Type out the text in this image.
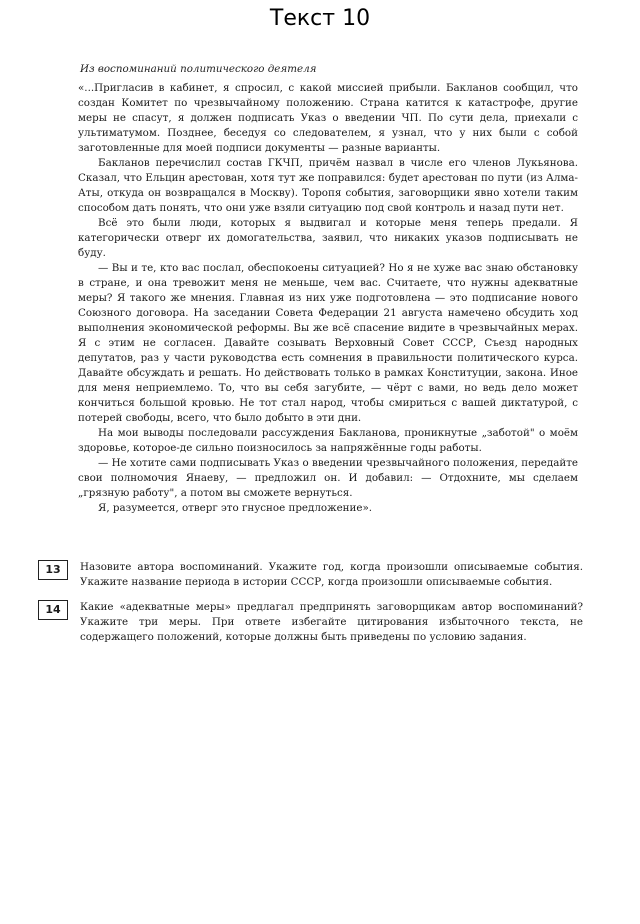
Текст 10
Из воспоминаний политического деятеля

«...Пригласив в кабинет, я спросил, с какой миссией прибыли. Бакланов сообщил, что создан Комитет по чрезвычайному положению. Страна катится к катастрофе, другие меры не спасут, я должен подписать Указ о введении ЧП. По сути дела, приехали с ультиматумом. Позднее, беседуя со следователем, я узнал, что у них были с собой заготовленные для моей подписи документы — разные варианты.

Бакланов перечислил состав ГКЧП, причём назвал в числе его членов Лукьянова. Сказал, что Ельцин арестован, хотя тут же поправился: будет арестован по пути (из Алма-Аты, откуда он возвращался в Москву). Торопя события, заговорщики явно хотели таким способом дать понять, что они уже взяли ситуацию под свой контроль и назад пути нет.

Всё это были люди, которых я выдвигал и которые меня теперь предали. Я категорически отверг их домогательства, заявил, что никаких указов подписывать не буду.

— Вы и те, кто вас послал, обеспокоены ситуацией? Но я не хуже вас знаю обстановку в стране, и она тревожит меня не меньше, чем вас. Считаете, что нужны адекватные меры? Я такого же мнения. Главная из них уже подготовлена — это подписание нового Союзного договора. На заседании Совета Федерации 21 августа намечено обсудить ход выполнения экономической реформы. Вы же всё спасение видите в чрезвычайных мерах. Я с этим не согласен. Давайте созывать Верховный Совет СССР, Съезд народных депутатов, раз у части руководства есть сомнения в правильности политического курса. Давайте обсуждать и решать. Но действовать только в рамках Конституции, закона. Иное для меня неприемлемо. То, что вы себя загубите, — чёрт с вами, но ведь дело может кончиться большой кровью. Не тот стал народ, чтобы смириться с вашей диктатурой, с потерей свободы, всего, что было добыто в эти дни.

На мои выводы последовали рассуждения Бакланова, проникнутые „заботой" о моём здоровье, которое-де сильно поизносилось за напряжённые годы работы.

— Не хотите сами подписывать Указ о введении чрезвычайного положения, передайте свои полномочия Янаеву, — предложил он. И добавил: — Отдохните, мы сделаем „грязную работу", а потом вы сможете вернуться.

Я, разумеется, отверг это гнусное предложение».

13	Назовите автора воспоминаний. Укажите год, когда произошли описываемые события. Укажите название периода в истории СССР, когда произошли описываемые события.
14	Какие «адекватные меры» предлагал предпринять заговорщикам автор воспоминаний? Укажите три меры. При ответе избегайте цитирования избыточного текста, не содержащего положений, которые должны быть приведены по условию задания.
